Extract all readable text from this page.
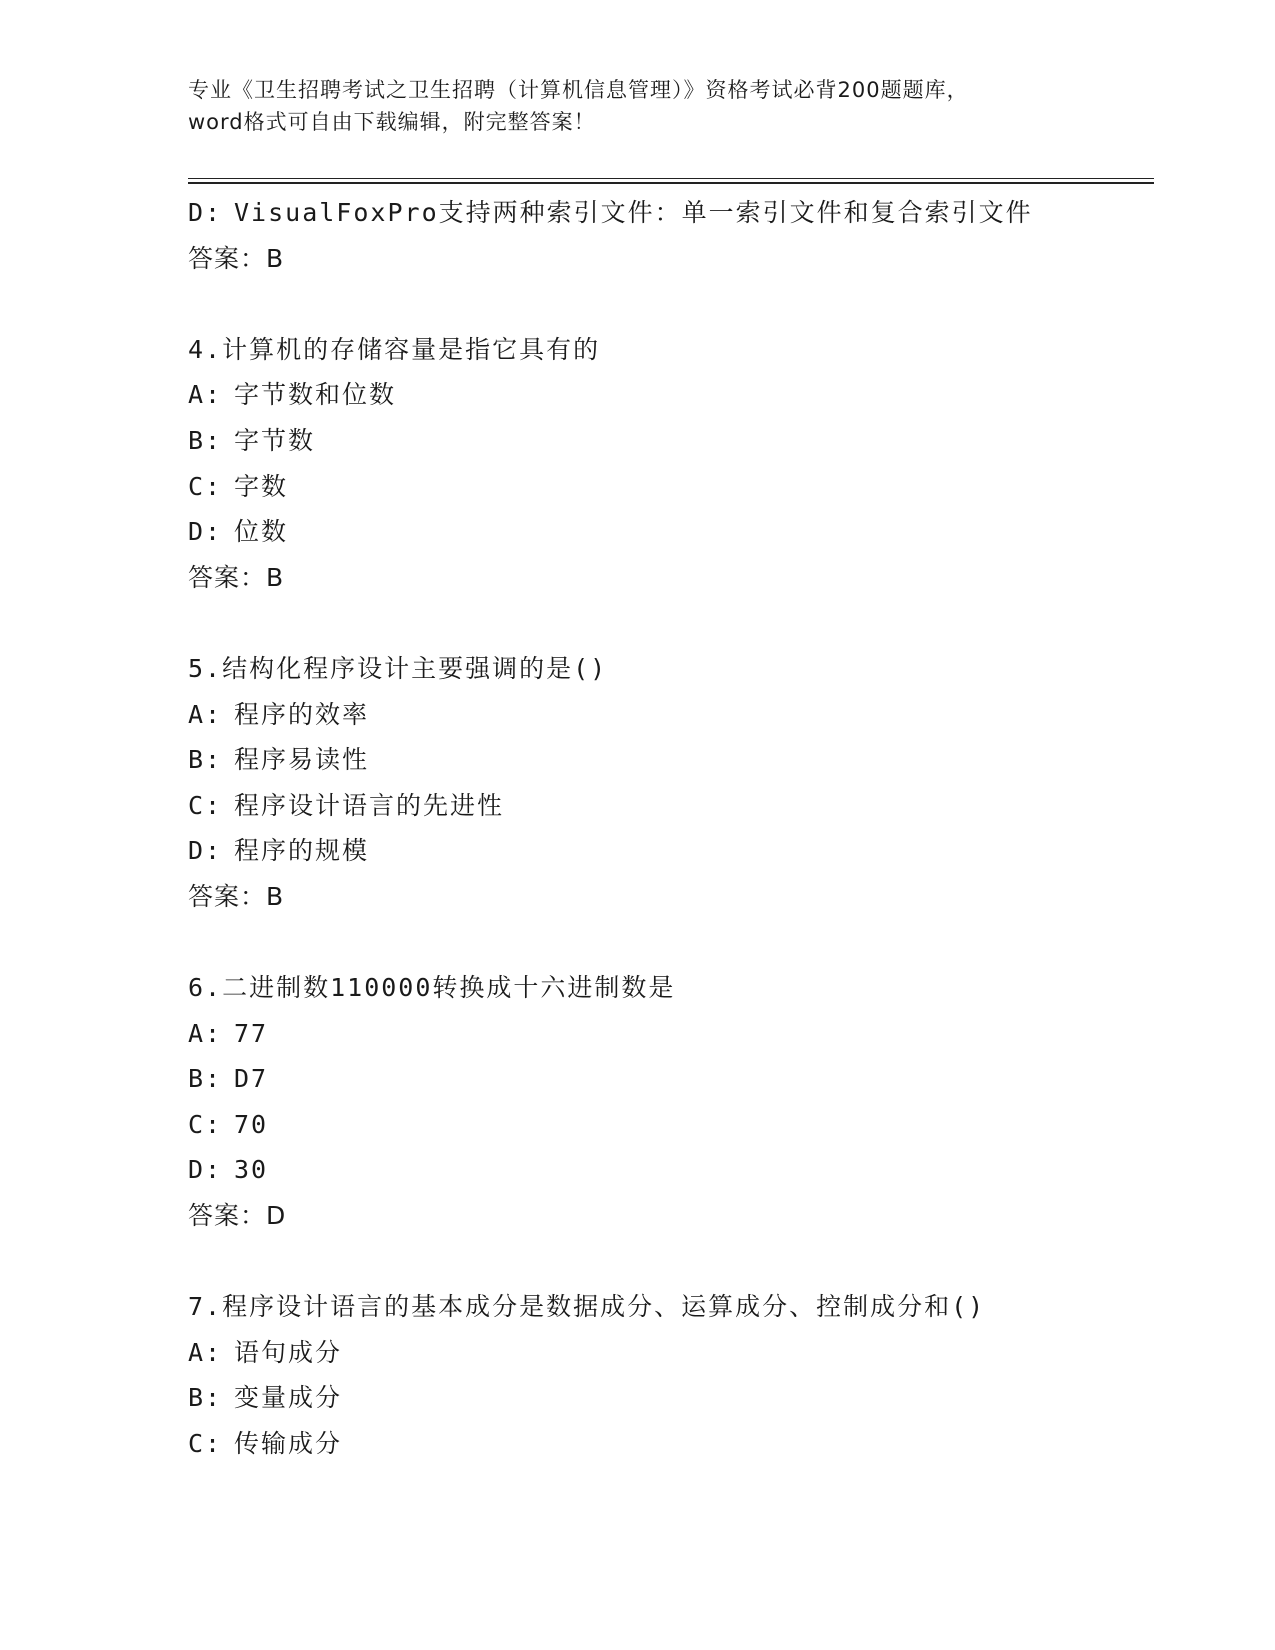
专业《卫生招聘考试之卫生招聘（计算机信息管理）》资格考试必背200题题库，
word格式可自由下载编辑，附完整答案！
D: VisualFoxPro支持两种索引文件：单一索引文件和复合索引文件
答案：B
4.计算机的存储容量是指它具有的
A: 字节数和位数
B: 字节数
C: 字数
D: 位数
答案：B
5.结构化程序设计主要强调的是()
A: 程序的效率
B: 程序易读性
C: 程序设计语言的先进性
D: 程序的规模
答案：B
6.二进制数110000转换成十六进制数是
A: 77
B: D7
C: 70
D: 30
答案：D
7.程序设计语言的基本成分是数据成分、运算成分、控制成分和()
A: 语句成分
B: 变量成分
C: 传输成分
